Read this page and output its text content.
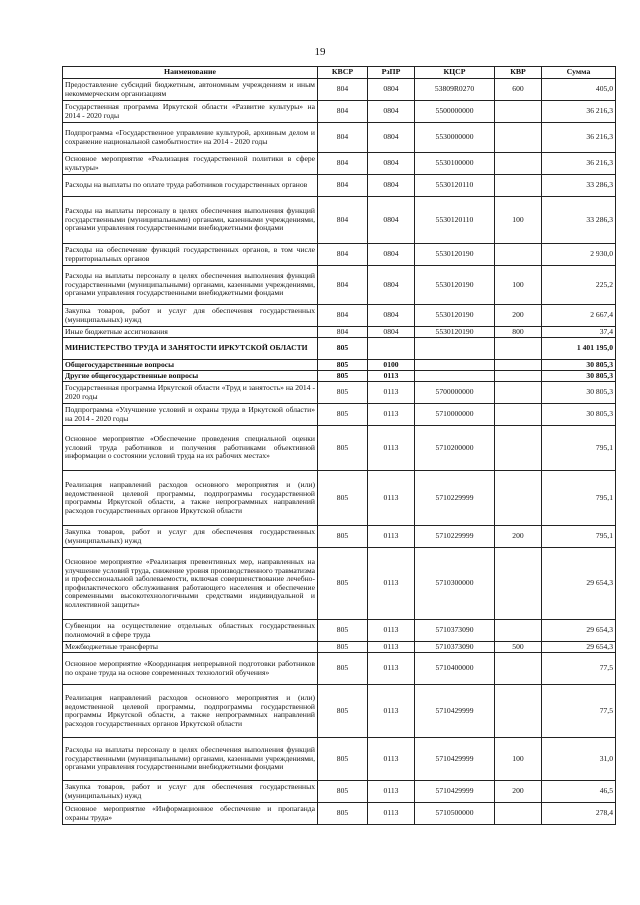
19
Наименование	КВСР	РзПР	КЦСР	КВР	Сумма
Предоставление субсидий бюджетным, автономным учреждениям и иным некоммерческим организациям	804	0804	53809R0270	600	405,0
Государственная программа Иркутской области «Развитие культуры» на 2014 - 2020 годы	804	0804	5500000000		36 216,3
Подпрограмма «Государственное управление культурой, архивным делом и сохранение национальной самобытности» на 2014 - 2020 годы	804	0804	5530000000		36 216,3
Основное мероприятие «Реализация государственной политики в сфере культуры»	804	0804	5530100000		36 216,3
Расходы на выплаты по оплате труда работников государственных органов	804	0804	5530120110		33 286,3
Расходы на выплаты персоналу в целях обеспечения выполнения функций государственными (муниципальными) органами, казенными учреждениями, органами управления государственными внебюджетными фондами	804	0804	5530120110	100	33 286,3
Расходы на обеспечение функций государственных органов, в том числе территориальных органов	804	0804	5530120190		2 930,0
Расходы на выплаты персоналу в целях обеспечения выполнения функций государственными (муниципальными) органами, казенными учреждениями, органами управления государственными внебюджетными фондами	804	0804	5530120190	100	225,2
Закупка товаров, работ и услуг для обеспечения государственных (муниципальных) нужд	804	0804	5530120190	200	2 667,4
Иные бюджетные ассигнования	804	0804	5530120190	800	37,4
МИНИСТЕРСТВО ТРУДА И ЗАНЯТОСТИ ИРКУТСКОЙ ОБЛАСТИ	805				1 401 195,0
Общегосударственные вопросы	805	0100			30 805,3
Другие общегосударственные вопросы	805	0113			30 805,3
Государственная программа Иркутской области «Труд и занятость» на 2014 - 2020 годы	805	0113	5700000000		30 805,3
Подпрограмма «Улучшение условий и охраны труда в Иркутской области» на 2014 - 2020 годы	805	0113	5710000000		30 805,3
Основное мероприятие «Обеспечение проведения специальной оценки условий труда работников и получения работниками объективной информации о состоянии условий труда на их рабочих местах»	805	0113	5710200000		795,1
Реализация направлений расходов основного мероприятия и (или) ведомственной целевой программы, подпрограммы государственной программы Иркутской области, а также непрограммных направлений расходов государственных органов Иркутской области	805	0113	5710229999		795,1
Закупка товаров, работ и услуг для обеспечения государственных (муниципальных) нужд	805	0113	5710229999	200	795,1
Основное мероприятие «Реализация превентивных мер, направленных на улучшение условий труда, снижение уровня производственного травматизма и профессиональной заболеваемости, включая совершенствование лечебно-профилактического обслуживания работающего населения и обеспечение современными высокотехнологичными средствами индивидуальной и коллективной защиты»	805	0113	5710300000		29 654,3
Субвенции на осуществление отдельных областных государственных полномочий в сфере труда	805	0113	5710373090		29 654,3
Межбюджетные трансферты	805	0113	5710373090	500	29 654,3
Основное мероприятие «Координация непрерывной подготовки работников по охране труда на основе современных технологий обучения»	805	0113	5710400000		77,5
Реализация направлений расходов основного мероприятия и (или) ведомственной целевой программы, подпрограммы государственной программы Иркутской области, а также непрограммных направлений расходов государственных органов Иркутской области	805	0113	5710429999		77,5
Расходы на выплаты персоналу в целях обеспечения выполнения функций государственными (муниципальными) органами, казенными учреждениями, органами управления государственными внебюджетными фондами	805	0113	5710429999	100	31,0
Закупка товаров, работ и услуг для обеспечения государственных (муниципальных) нужд	805	0113	5710429999	200	46,5
Основное мероприятие «Информационное обеспечение и пропаганда охраны труда»	805	0113	5710500000		278,4
